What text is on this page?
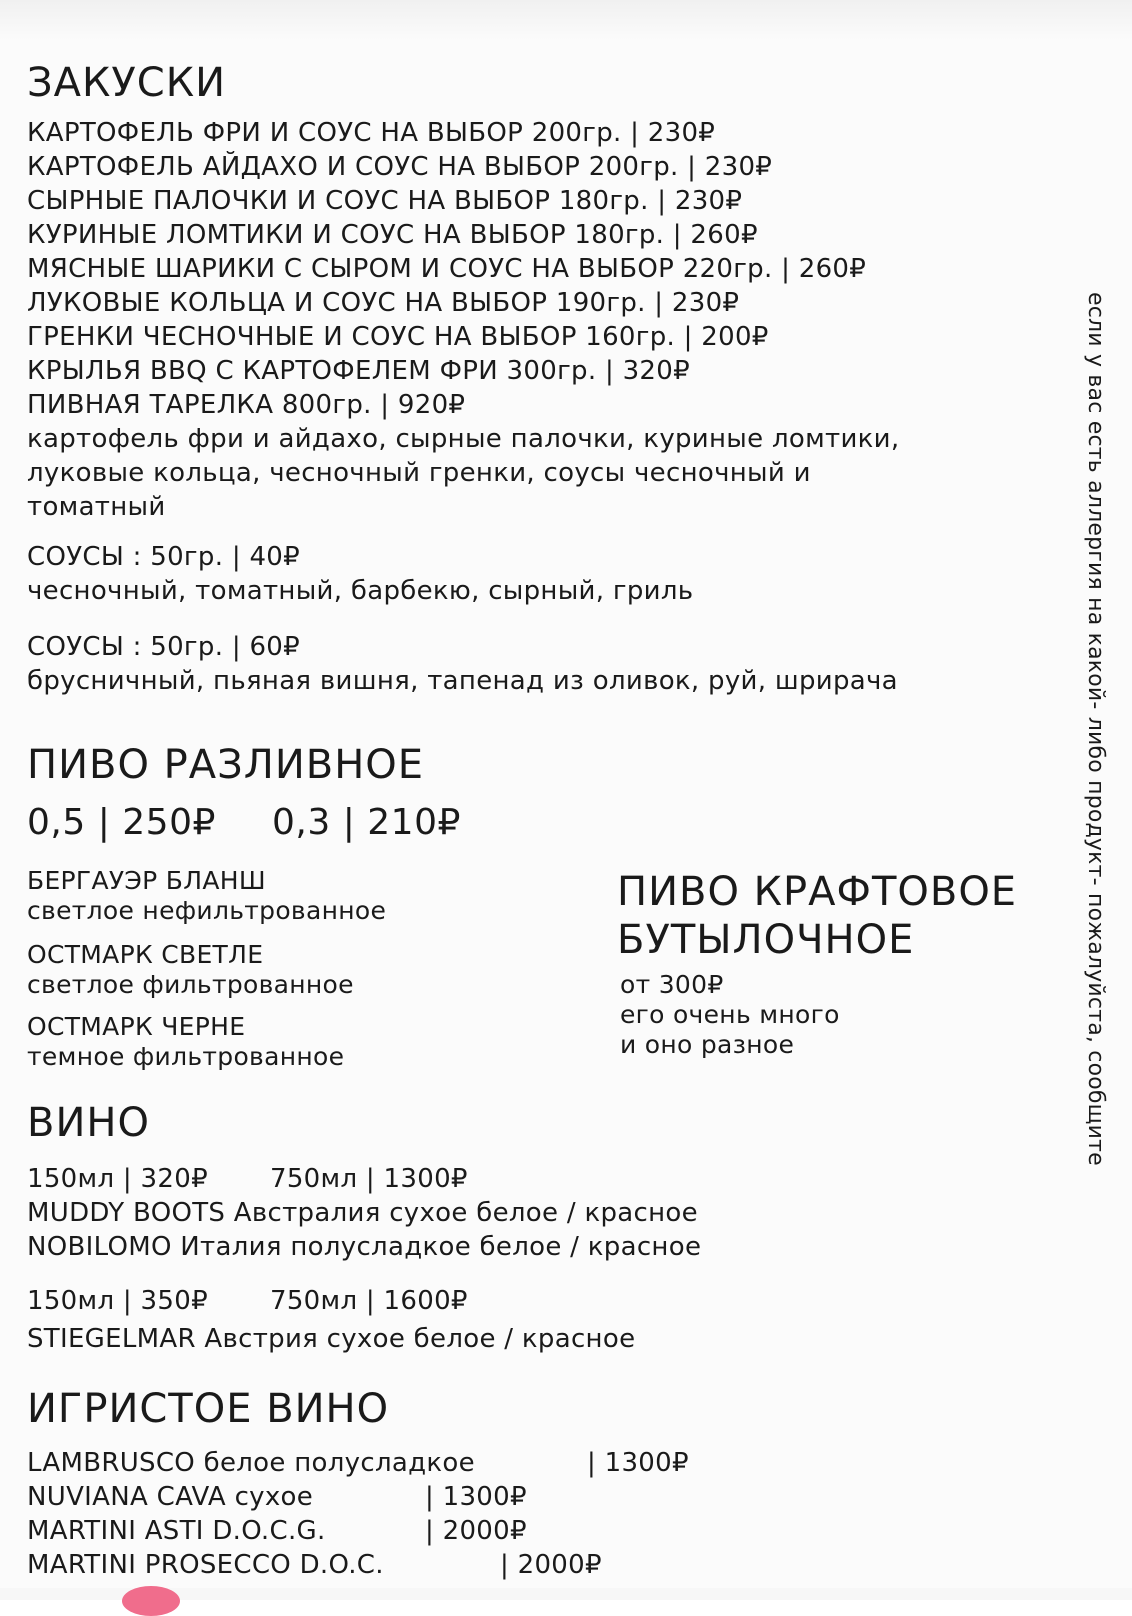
ЗАКУСКИ
КАРТОФЕЛЬ ФРИ И СОУС НА ВЫБОР 200гр. | 230₽
КАРТОФЕЛЬ АЙДАХО И СОУС НА ВЫБОР 200гр. | 230₽
СЫРНЫЕ ПАЛОЧКИ И СОУС НА ВЫБОР 180гр. | 230₽
КУРИНЫЕ ЛОМТИКИ И СОУС НА ВЫБОР 180гр. | 260₽
МЯСНЫЕ ШАРИКИ С СЫРОМ И СОУС НА ВЫБОР 220гр. | 260₽
ЛУКОВЫЕ КОЛЬЦА И СОУС НА ВЫБОР 190гр. | 230₽
ГРЕНКИ ЧЕСНОЧНЫЕ И СОУС НА ВЫБОР 160гр. | 200₽
КРЫЛЬЯ BBQ С КАРТОФЕЛЕМ ФРИ 300гр. | 320₽
ПИВНАЯ ТАРЕЛКА 800гр. | 920₽
картофель фри и айдахо, сырные палочки, куриные ломтики,
луковые кольца, чесночный гренки, соусы чесночный и
томатный
СОУСЫ : 50гр. | 40₽
чесночный, томатный, барбекю, сырный, гриль
СОУСЫ : 50гр. | 60₽
брусничный, пьяная вишня, тапенад из оливок, руй, шрирача
ПИВО РАЗЛИВНОЕ
0,5 | 250₽ 0,3 | 210₽
БЕРГАУЭР БЛАНШ
светлое нефильтрованное
ОСТМАРК СВЕТЛЕ
светлое фильтрованное
ОСТМАРК ЧЕРНЕ
темное фильтрованное
ПИВО КРАФТОВОЕ
БУТЫЛОЧНОЕ
от 300₽
его очень много
и оно разное
ВИНО
150мл | 320₽ 750мл | 1300₽
MUDDY BOOTS Австралия сухое белое / красное
NOBILOMO Италия полусладкое белое / красное
150мл | 350₽ 750мл | 1600₽
STIEGELMAR Австрия сухое белое / красное
ИГРИСТОЕ ВИНО
LAMBRUSCO белое полусладкое	| 1300₽
NUVIANA CAVA сухое	| 1300₽
MARTINI ASTI D.O.C.G.	| 2000₽
MARTINI PROSECCO D.O.C.	| 2000₽
если у вас есть аллергия на какой- либо продукт- пожалуйста, сообщите
